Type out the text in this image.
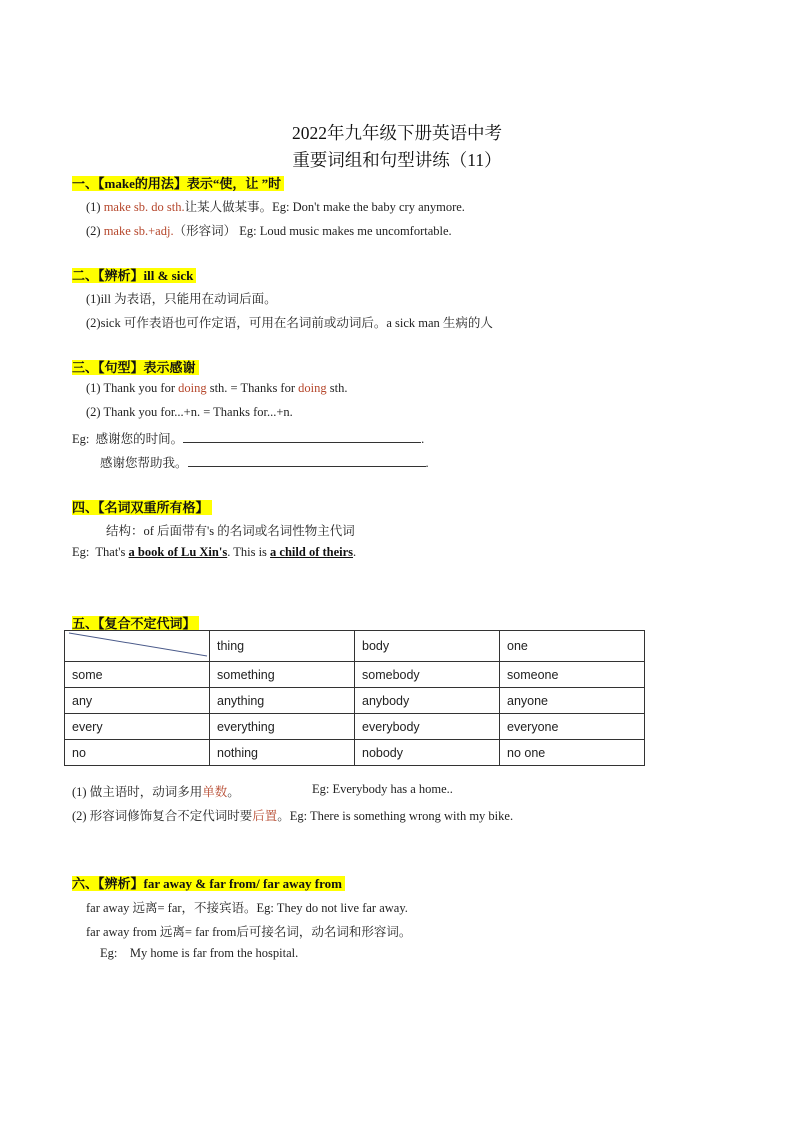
2022年九年级下册英语中考
重要词组和句型讲练（11）
一、【make的用法】表示“使，让 ”时
(1) make sb. do sth.让某人做某事。Eg: Don't make the baby cry anymore.
(2) make sb.+adj.（形容词） Eg: Loud music makes me uncomfortable.
二、【辨析】ill & sick
(1)ill 为表语，只能用在动词后面。
(2)sick 可作表语也可作定语，可用在名词前或动词后。a sick man 生病的人
三、【句型】表示感谢
(1) Thank you for doing sth. = Thanks for doing sth.
(2) Thank you for...+n. = Thanks for...+n.
Eg: 感谢您的时间。	.
感谢您帮助我。	.
四、【名词双重所有格】
结构：of 后面带有's 的名词或名词性物主代词
Eg: That's a book of Lu Xin's. This is a child of theirs.
五、【复合不定代词】
	thing	body	one
some	something	somebody	someone
any	anything	anybody	anyone
every	everything	everybody	everyone
no	nothing	nobody	no one
(1) 做主语时，动词多用单数。	Eg: Everybody has a home..
(2) 形容词修饰复合不定代词时要后置。Eg: There is something wrong with my bike.
六、【辨析】far away & far from/ far away from
far away 远离= far，不接宾语。Eg: They do not live far away.
far away from 远离= far from后可接名词，动名词和形容词。
Eg: My home is far from the hospital.
